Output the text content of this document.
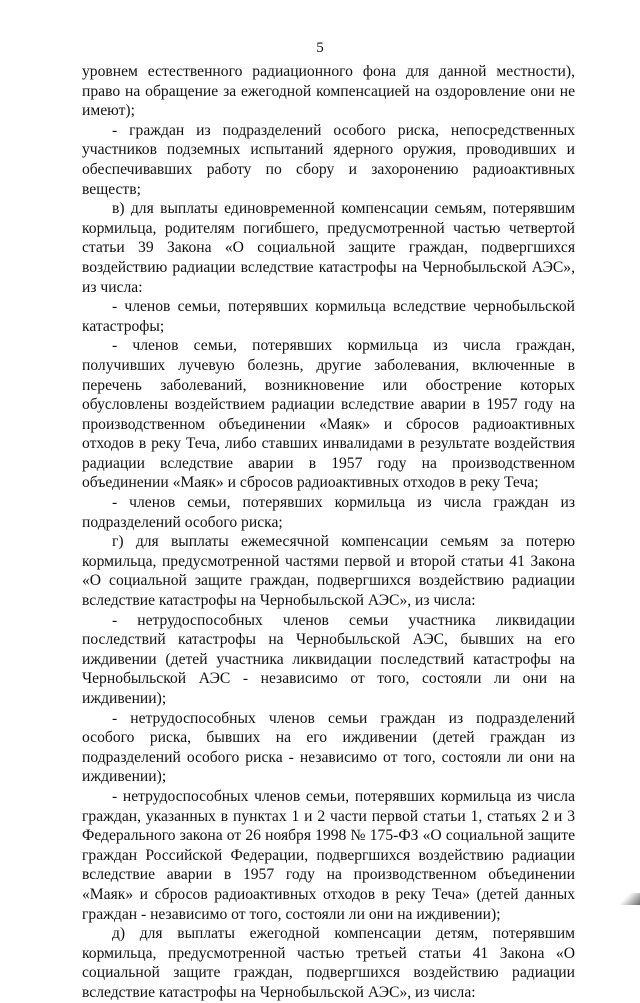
5

уровнем естественного радиационного фона для данной местности), право на обращение за ежегодной компенсацией на оздоровление они не имеют);

- граждан из подразделений особого риска, непосредственных участников подземных испытаний ядерного оружия, проводивших и обеспечивавших работу по сбору и захоронению радиоактивных веществ;

в) для выплаты единовременной компенсации семьям, потерявшим кормильца, родителям погибшего, предусмотренной частью четвертой статьи 39 Закона «О социальной защите граждан, подвергшихся воздействию радиации вследствие катастрофы на Чернобыльской АЭС», из числа:

- членов семьи, потерявших кормильца вследствие чернобыльской катастрофы;

- членов семьи, потерявших кормильца из числа граждан, получивших лучевую болезнь, другие заболевания, включенные в перечень заболеваний, возникновение или обострение которых обусловлены воздействием радиации вследствие аварии в 1957 году на производственном объединении «Маяк» и сбросов радиоактивных отходов в реку Теча, либо ставших инвалидами в результате воздействия радиации вследствие аварии в 1957 году на производственном объединении «Маяк» и сбросов радиоактивных отходов в реку Теча;

- членов семьи, потерявших кормильца из числа граждан из подразделений особого риска;

г) для выплаты ежемесячной компенсации семьям за потерю кормильца, предусмотренной частями первой и второй статьи 41 Закона «О социальной защите граждан, подвергшихся воздействию радиации вследствие катастрофы на Чернобыльской АЭС», из числа:

- нетрудоспособных членов семьи участника ликвидации последствий катастрофы на Чернобыльской АЭС, бывших на его иждивении (детей участника ликвидации последствий катастрофы на Чернобыльской АЭС - независимо от того, состояли ли они на иждивении);

- нетрудоспособных членов семьи граждан из подразделений особого риска, бывших на его иждивении (детей граждан из подразделений особого риска - независимо от того, состояли ли они на иждивении);

- нетрудоспособных членов семьи, потерявших кормильца из числа граждан, указанных в пунктах 1 и 2 части первой статьи 1, статьях 2 и 3 Федерального закона от 26 ноября 1998 № 175-ФЗ «О социальной защите граждан Российской Федерации, подвергшихся воздействию радиации вследствие аварии в 1957 году на производственном объединении «Маяк» и сбросов радиоактивных отходов в реку Теча» (детей данных граждан - независимо от того, состояли ли они на иждивении);

д) для выплаты ежегодной компенсации детям, потерявшим кормильца, предусмотренной частью третьей статьи 41 Закона «О социальной защите граждан, подвергшихся воздействию радиации вследствие катастрофы на Чернобыльской АЭС», из числа:
